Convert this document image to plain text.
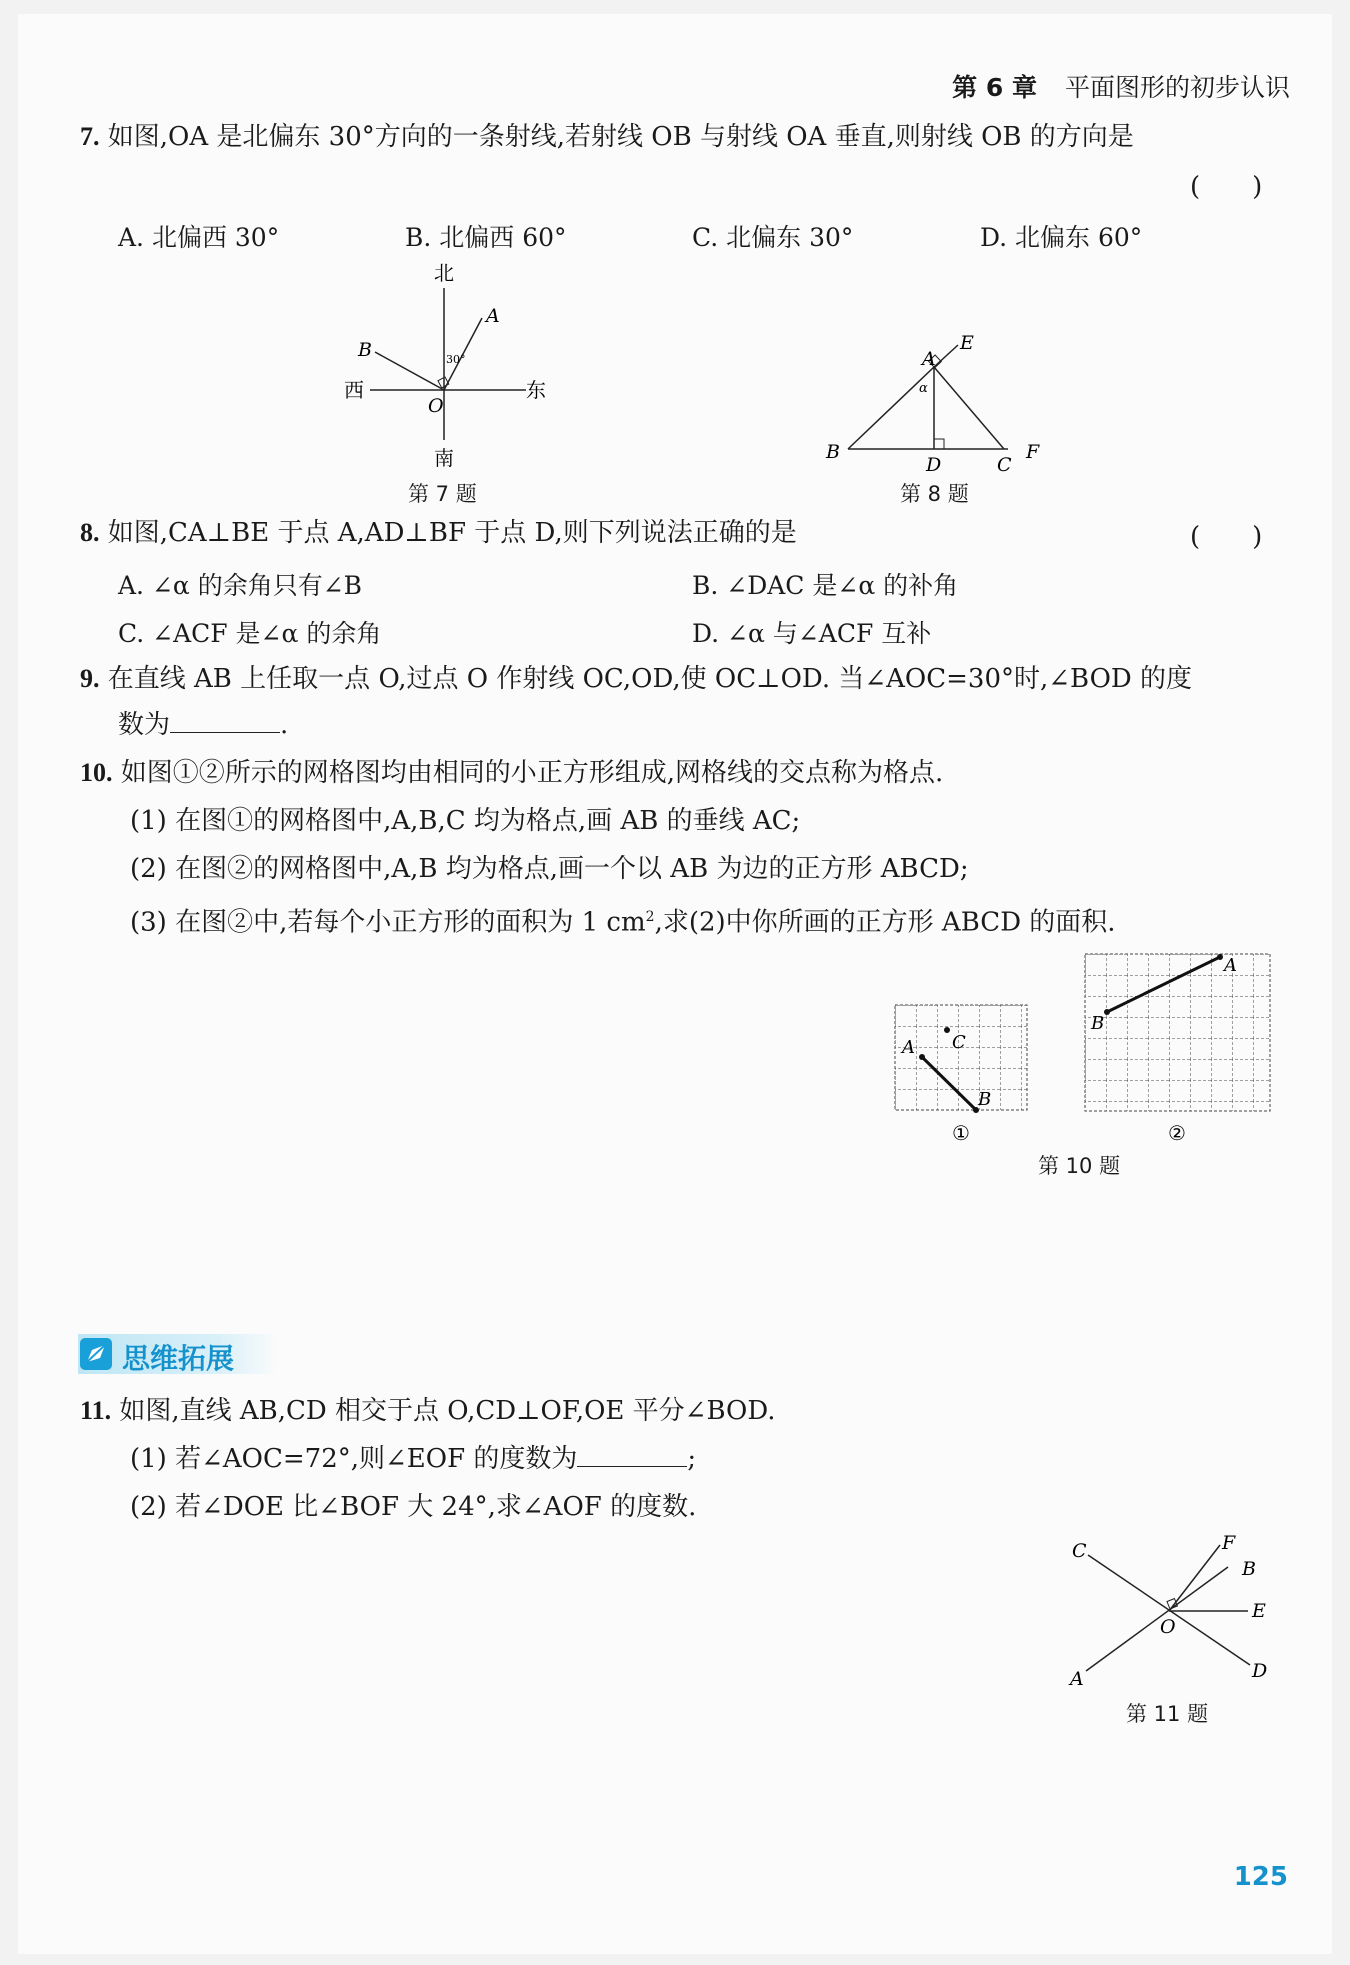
第 6 章 平面图形的初步认识
7. 如图,OA 是北偏东 30°方向的一条射线,若射线 OB 与射线 OA 垂直,则射线 OB 的方向是
(　　)
A. 北偏西 30°	B. 北偏西 60°	C. 北偏东 30°	D. 北偏东 60°
北
南
西	东
A
B
O
30°
第 7 题
A
E
B
D	C
F
α
第 8 题
8. 如图,CA⊥BE 于点 A,AD⊥BF 于点 D,则下列说法正确的是	(　　)
A. ∠α 的余角只有∠B	B. ∠DAC 是∠α 的补角
C. ∠ACF 是∠α 的余角	D. ∠α 与∠ACF 互补
9. 在直线 AB 上任取一点 O,过点 O 作射线 OC,OD,使 OC⊥OD. 当∠AOC=30°时,∠BOD 的度
数为	.
10. 如图①②所示的网格图均由相同的小正方形组成,网格线的交点称为格点.
(1) 在图①的网格图中,A,B,C 均为格点,画 AB 的垂线 AC;
(2) 在图②的网格图中,A,B 均为格点,画一个以 AB 为边的正方形 ABCD;
(3) 在图②中,若每个小正方形的面积为 1 $cm^2$,求(2)中你所画的正方形 ABCD 的面积.
A C
B
A
B
①	②
第 10 题
思维拓展
11. 如图,直线 AB,CD 相交于点 O,CD⊥OF,OE 平分∠BOD.
(1) 若∠AOC=72°,则∠EOF 的度数为	;
(2) 若∠DOE 比∠BOF 大 24°,求∠AOF 的度数.
C	F
B
E
O
D
A
第 11 题
125
